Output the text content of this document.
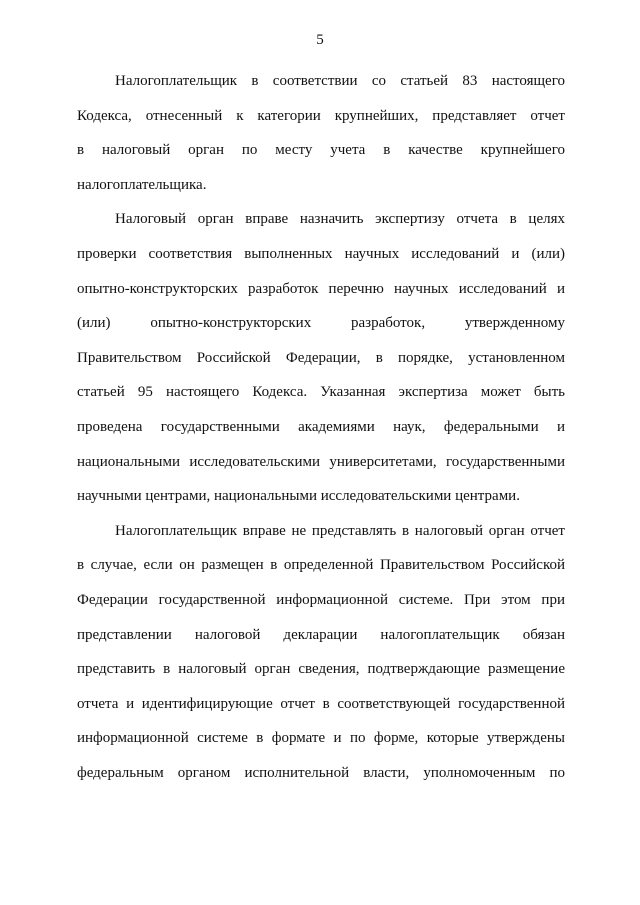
5
Налогоплательщик в соответствии со статьей 83 настоящего
Кодекса, отнесенный к категории крупнейших, представляет отчет
в налоговый орган по месту учета в качестве крупнейшего
налогоплательщика.
Налоговый орган вправе назначить экспертизу отчета в целях
проверки соответствия выполненных научных исследований и (или)
опытно-конструкторских разработок перечню научных исследований и
(или) опытно-конструкторских разработок, утвержденному
Правительством Российской Федерации, в порядке, установленном
статьей 95 настоящего Кодекса. Указанная экспертиза может быть
проведена государственными академиями наук, федеральными и
национальными исследовательскими университетами, государственными
научными центрами, национальными исследовательскими центрами.
Налогоплательщик вправе не представлять в налоговый орган отчет
в случае, если он размещен в определенной Правительством Российской
Федерации государственной информационной системе. При этом при
представлении налоговой декларации налогоплательщик обязан
представить в налоговый орган сведения, подтверждающие размещение
отчета и идентифицирующие отчет в соответствующей государственной
информационной системе в формате и по форме, которые утверждены
федеральным органом исполнительной власти, уполномоченным по
